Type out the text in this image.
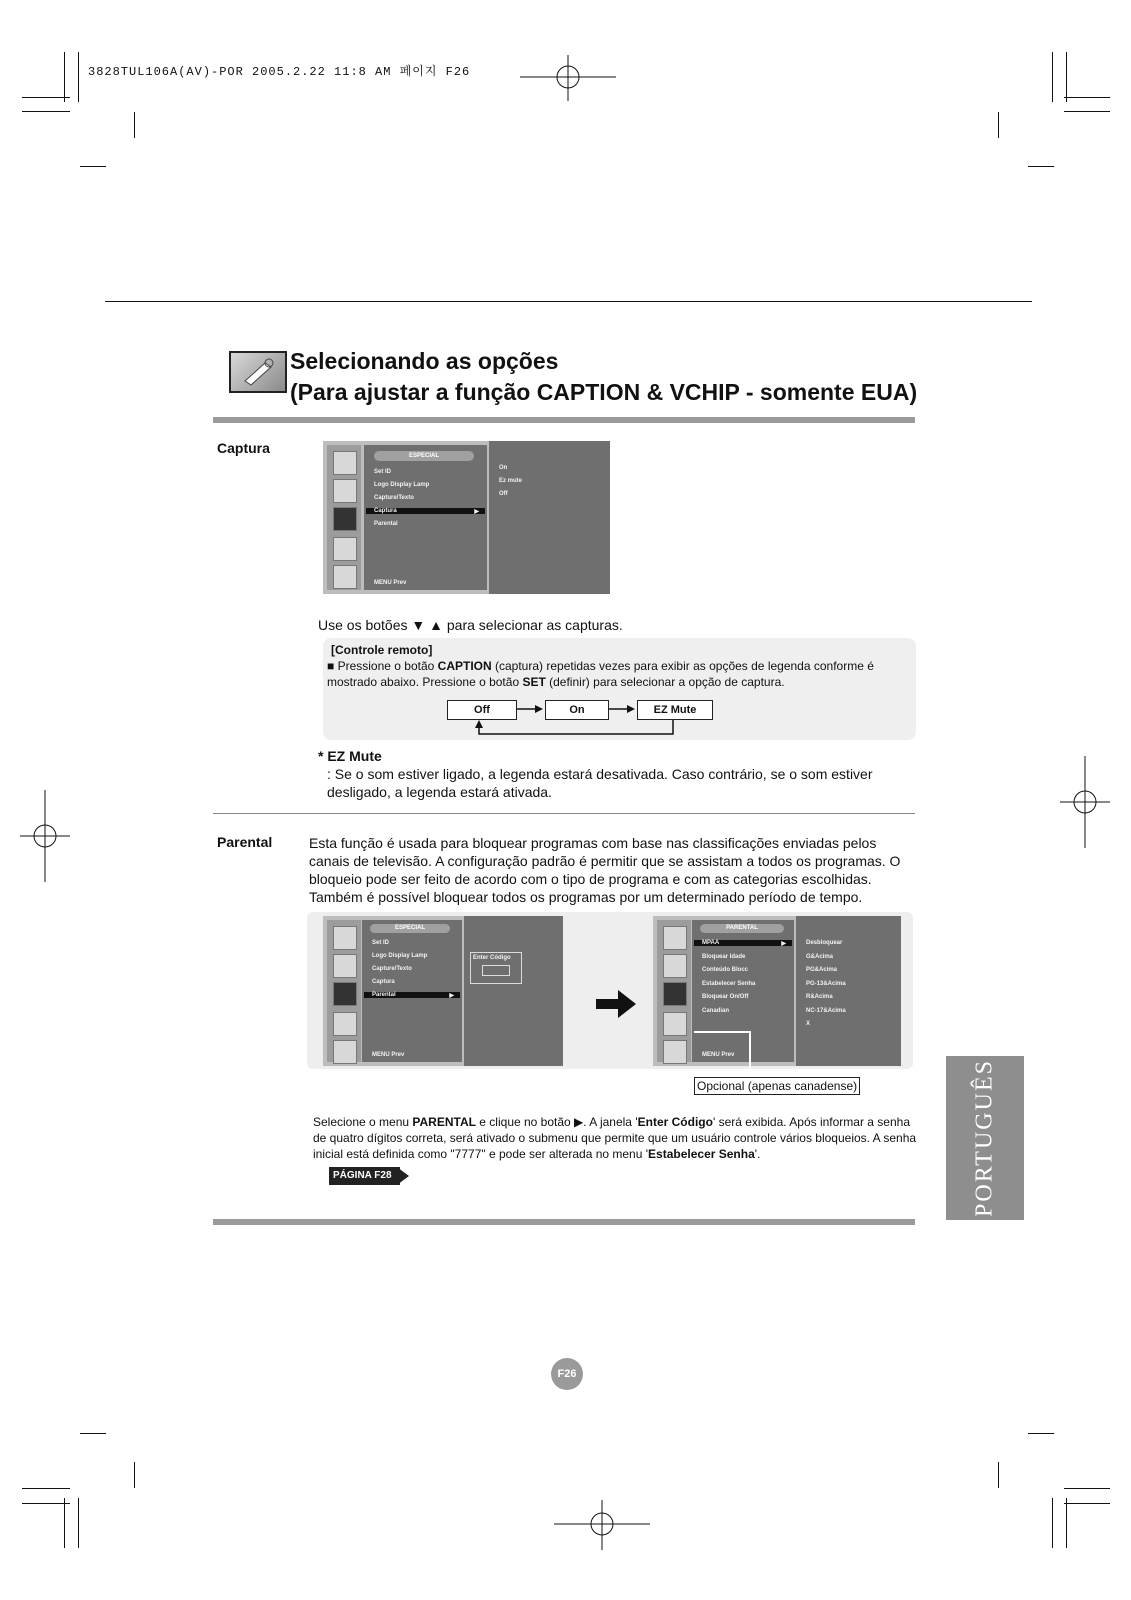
3828TUL106A(AV)-POR 2005.2.22 11:8 AM 페이지 F26
Selecionando as opções
(Para ajustar a função CAPTION & VCHIP - somente EUA)
Captura	ESPECIAL
Set ID
Logo Display Lamp
Capture/Texto
Captura	▶
Parental
MENU Prev
On
Ez mute
Off
Use os botões ▼ ▲ para selecionar as capturas.
[Controle remoto]
■ Pressione o botão CAPTION (captura) repetidas vezes para exibir as opções de legenda conforme é mostrado abaixo. Pressione o botão SET (definir) para selecionar a opção de captura.
Off	On	EZ Mute
* EZ Mute
: Se o som estiver ligado, a legenda estará desativada. Caso contrário, se o som estiver desligado, a legenda estará ativada.
Parental	Esta função é usada para bloquear programas com base nas classificações enviadas pelos canais de televisão. A configuração padrão é permitir que se assistam a todos os programas. O bloqueio pode ser feito de acordo com o tipo de programa e com as categorias escolhidas. Também é possível bloquear todos os programas por um determinado período de tempo.
ESPECIAL
Set ID
Logo Display Lamp
Capture/Texto
Captura
Parental	▶
MENU Prev
Enter Código
PARENTAL
MPAA	▶
Bloquear Idade
Conteúdo Blocc
Estabelecer Senha
Bloquear On/Off
Canadian
MENU Prev
Desbloquear
G&Acima
PG&Acima
PG-13&Acima
R&Acima
NC-17&Acima
X
Opcional (apenas canadense)
Selecione o menu PARENTAL e clique no botão ▶. A janela 'Enter Código' será exibida. Após informar a senha de quatro dígitos correta, será ativado o submenu que permite que um usuário controle vários bloqueios. A senha inicial está definida como "7777" e pode ser alterada no menu 'Estabelecer Senha'.
PÁGINA F28	PORTUGUÊS
F26
